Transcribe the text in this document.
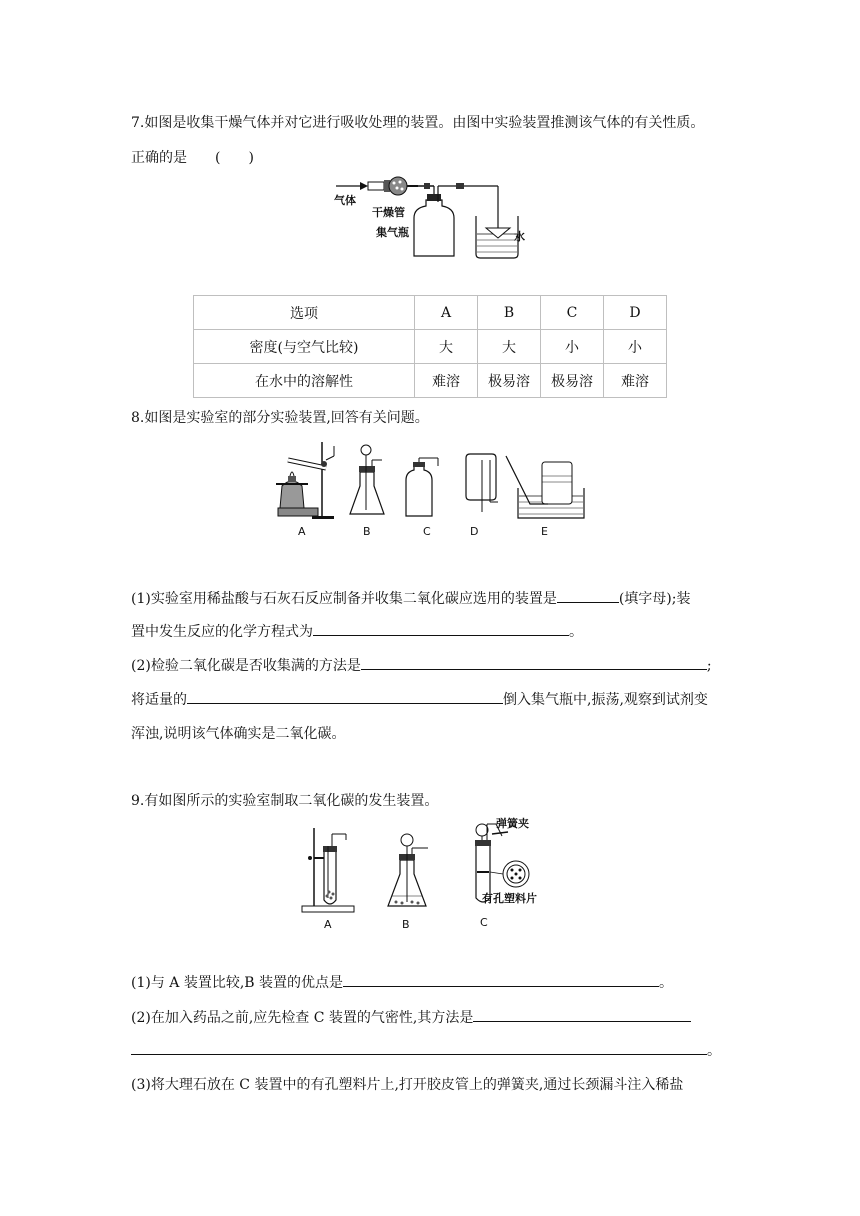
7.如图是收集干燥气体并对它进行吸收处理的装置。由图中实验装置推测该气体的有关性质。
正确的是　　(　　)
气体
干燥管
集气瓶	水
选项	A	B	C	D
密度(与空气比较)	大	大	小	小
在水中的溶解性	难溶	极易溶	极易溶	难溶
8.如图是实验室的部分实验装置,回答有关问题。
A	B	C	D	E
(1)实验室用稀盐酸与石灰石反应制备并收集二氧化碳应选用的装置是	(填字母);装
置中发生反应的化学方程式为	。
(2)检验二氧化碳是否收集满的方法是	;
将适量的	倒入集气瓶中,振荡,观察到试剂变
浑浊,说明该气体确实是二氧化碳。
9.有如图所示的实验室制取二氧化碳的发生装置。
A	B
弹簧夹
有孔塑料片
C
(1)与 A 装置比较,B 装置的优点是	。
(2)在加入药品之前,应先检查 C 装置的气密性,其方法是
。
(3)将大理石放在 C 装置中的有孔塑料片上,打开胶皮管上的弹簧夹,通过长颈漏斗注入稀盐
